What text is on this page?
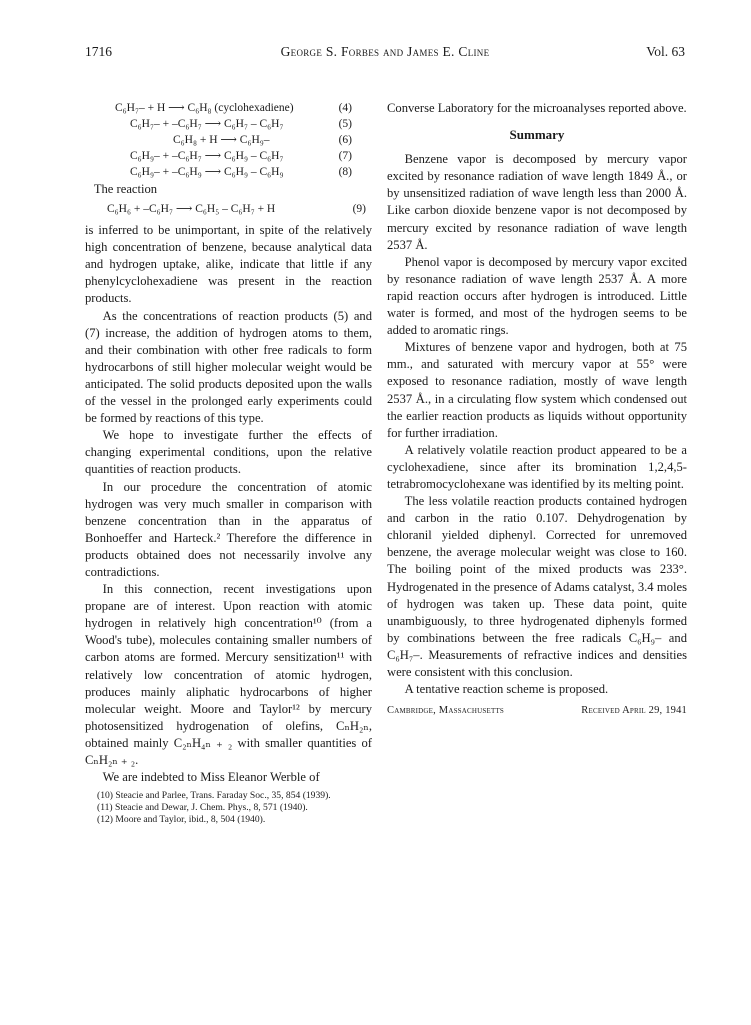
1716	George S. Forbes and James E. Cline	Vol. 63
C₆H₇– + H ⟶ C₆H₈ (cyclohexadiene)	(4)
C₆H₇– + –C₆H₇ ⟶ C₆H₇ – C₆H₇	(5)
C₆H₈ + H ⟶ C₆H₉–	(6)
C₆H₉– + –C₆H₇ ⟶ C₆H₉ – C₆H₇	(7)
C₆H₉– + –C₆H₉ ⟶ C₆H₉ – C₆H₉	(8)

The reaction

C₆H₆ + –C₆H₇ ⟶ C₆H₅ – C₆H₇ + H	(9)

is inferred to be unimportant, in spite of the relatively high concentration of benzene, because analytical data and hydrogen uptake, alike, indicate that little if any phenylcyclohexadiene was present in the reaction products.

As the concentrations of reaction products (5) and (7) increase, the addition of hydrogen atoms to them, and their combination with other free radicals to form hydrocarbons of still higher molecular weight would be anticipated. The solid products deposited upon the walls of the vessel in the prolonged early experiments could be formed by reactions of this type.

We hope to investigate further the effects of changing experimental conditions, upon the relative quantities of reaction products.

In our procedure the concentration of atomic hydrogen was very much smaller in comparison with benzene concentration than in the apparatus of Bonhoeffer and Harteck.² Therefore the difference in products obtained does not necessarily involve any contradictions.

In this connection, recent investigations upon propane are of interest. Upon reaction with atomic hydrogen in relatively high concentration¹⁰ (from a Wood's tube), molecules containing smaller numbers of carbon atoms are formed. Mercury sensitization¹¹ with relatively low concentration of atomic hydrogen, produces mainly aliphatic hydrocarbons of higher molecular weight. Moore and Taylor¹² by mercury photosensitized hydrogenation of olefins, CₙH₂ₙ, obtained mainly C₂ₙH₄ₙ ₊ ₂ with smaller quantities of CₙH₂ₙ ₊ ₂.

We are indebted to Miss Eleanor Werble of

(10) Steacie and Parlee, Trans. Faraday Soc., 35, 854 (1939).
(11) Steacie and Dewar, J. Chem. Phys., 8, 571 (1940).
(12) Moore and Taylor, ibid., 8, 504 (1940).

Converse Laboratory for the microanalyses reported above.

Summary

Benzene vapor is decomposed by mercury vapor excited by resonance radiation of wave length 1849 Å., or by unsensitized radiation of wave length less than 2000 Å. Like carbon dioxide benzene vapor is not decomposed by mercury excited by resonance radiation of wave length 2537 Å.

Phenol vapor is decomposed by mercury vapor excited by resonance radiation of wave length 2537 Å. A more rapid reaction occurs after hydrogen is introduced. Little water is formed, and most of the hydrogen seems to be added to aromatic rings.

Mixtures of benzene vapor and hydrogen, both at 75 mm., and saturated with mercury vapor at 55° were exposed to resonance radiation, mostly of wave length 2537 Å., in a circulating flow system which condensed out the earlier reaction products as liquids without opportunity for further irradiation.

A relatively volatile reaction product appeared to be a cyclohexadiene, since after its bromination 1,2,4,5-tetrabromocyclohexane was identified by its melting point.

The less volatile reaction products contained hydrogen and carbon in the ratio 0.107. Dehydrogenation by chloranil yielded diphenyl. Corrected for unremoved benzene, the average molecular weight was close to 160. The boiling point of the mixed products was 233°. Hydrogenated in the presence of Adams catalyst, 3.4 moles of hydrogen was taken up. These data point, quite unambiguously, to three hydrogenated diphenyls formed by combinations between the free radicals C₆H₉– and C₆H₇–. Measurements of refractive indices and densities were consistent with this conclusion.

A tentative reaction scheme is proposed.

Cambridge, Massachusetts	Received April 29, 1941
